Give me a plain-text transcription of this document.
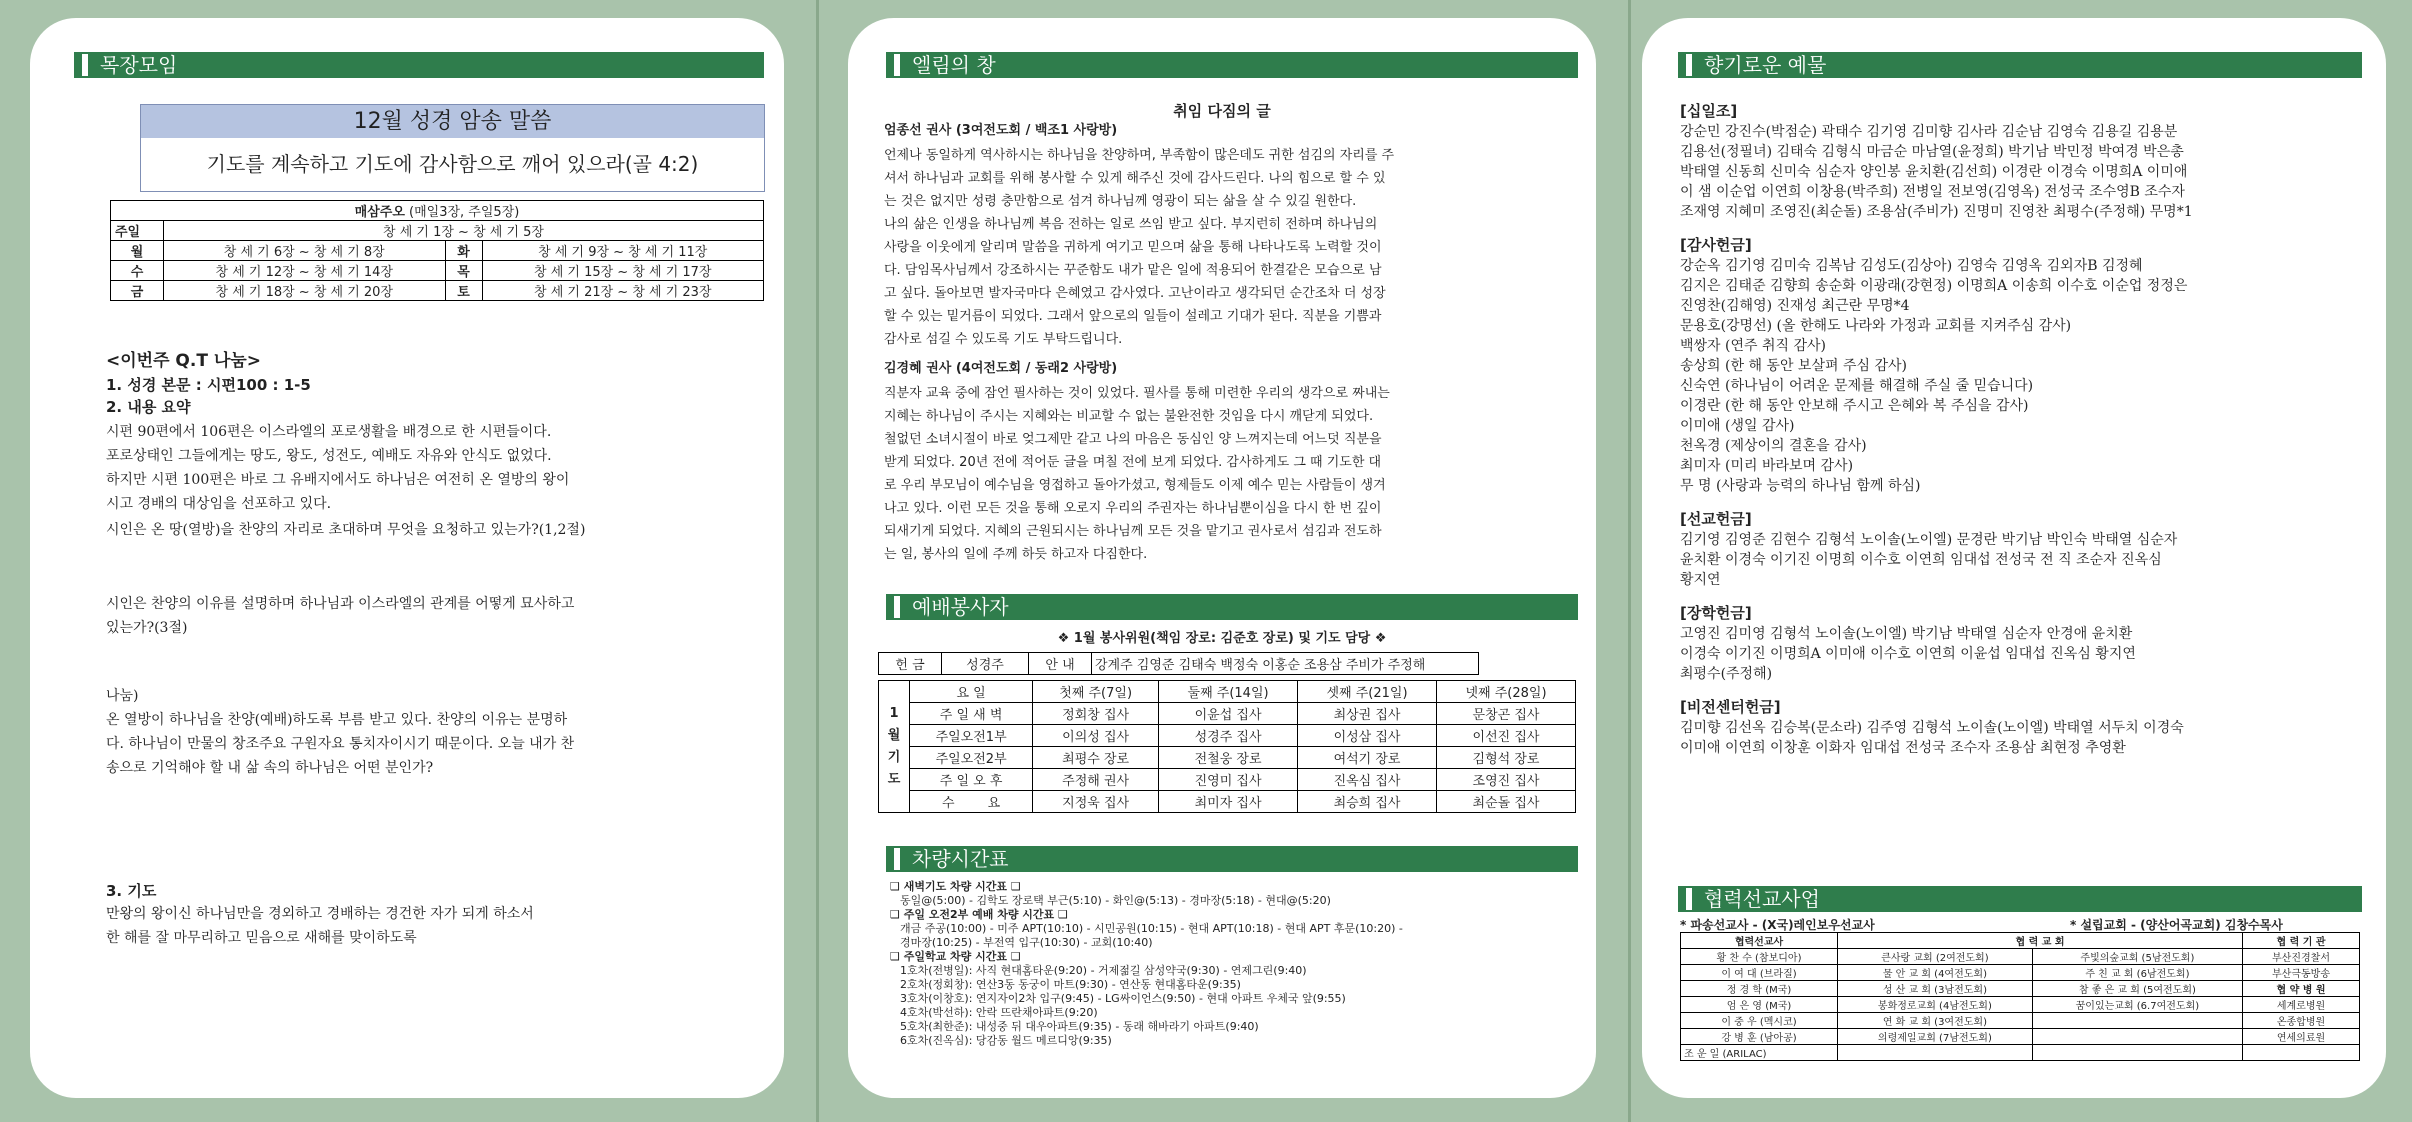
목장모임
12월 성경 암송 말씀
기도를 계속하고 기도에 감사함으로 깨어 있으라(골 4:2)
매삼주오 (매일3장, 주일5장)			
주일	창 세 기 1장 ~ 창 세 기 5장		
월	창 세 기 6장 ~ 창 세 기 8장	화	창 세 기 9장 ~ 창 세 기 11장
수	창 세 기 12장 ~ 창 세 기 14장	목	창 세 기 15장 ~ 창 세 기 17장
금	창 세 기 18장 ~ 창 세 기 20장	토	창 세 기 21장 ~ 창 세 기 23장
<이번주 Q.T 나눔>
1. 성경 본문 : 시편100 : 1-5
2. 내용 요약

시편 90편에서 106편은 이스라엘의 포로생활을 배경으로 한 시편들이다.

포로상태인 그들에게는 땅도, 왕도, 성전도, 예배도 자유와 안식도 없었다.

하지만 시편 100편은 바로 그 유배지에서도 하나님은 여전히 온 열방의 왕이

시고 경배의 대상임을 선포하고 있다.

시인은 온 땅(열방)을 찬양의 자리로 초대하며 무엇을 요청하고 있는가?(1,2절)

시인은 찬양의 이유를 설명하며 하나님과 이스라엘의 관계를 어떻게 묘사하고

있는가?(3절)

나눔)

온 열방이 하나님을 찬양(예배)하도록 부름 받고 있다. 찬양의 이유는 분명하

다. 하나님이 만물의 창조주요 구원자요 통치자이시기 때문이다. 오늘 내가 찬

송으로 기억해야 할 내 삶 속의 하나님은 어떤 분인가?

3. 기도

만왕의 왕이신 하나님만을 경외하고 경배하는 경건한 자가 되게 하소서

한 해를 잘 마무리하고 믿음으로 새해를 맞이하도록

엘림의 창
취임 다짐의 글
엄종선 권사 (3여전도회 / 백조1 사랑방)

언제나 동일하게 역사하시는 하나님을 찬양하며, 부족함이 많은데도 귀한 섬김의 자리를 주

셔서 하나님과 교회를 위해 봉사할 수 있게 해주신 것에 감사드린다. 나의 힘으로 할 수 있

는 것은 없지만 성령 충만함으로 섬겨 하나님께 영광이 되는 삶을 살 수 있길 원한다.

나의 삶은 인생을 하나님께 복음 전하는 일로 쓰임 받고 싶다. 부지런히 전하며 하나님의

사랑을 이웃에게 알리며 말씀을 귀하게 여기고 믿으며 삶을 통해 나타나도록 노력할 것이

다. 담임목사님께서 강조하시는 꾸준함도 내가 맡은 일에 적용되어 한결같은 모습으로 남

고 싶다. 돌아보면 발자국마다 은혜였고 감사였다. 고난이라고 생각되던 순간조차 더 성장

할 수 있는 밑거름이 되었다. 그래서 앞으로의 일들이 설레고 기대가 된다. 직분을 기쁨과

감사로 섬길 수 있도록 기도 부탁드립니다.

김경혜 권사 (4여전도회 / 동래2 사랑방)

직분자 교육 중에 잠언 필사하는 것이 있었다. 필사를 통해 미련한 우리의 생각으로 짜내는

지혜는 하나님이 주시는 지혜와는 비교할 수 없는 불완전한 것임을 다시 깨닫게 되었다.

철없던 소녀시절이 바로 엊그제만 같고 나의 마음은 동심인 양 느껴지는데 어느덧 직분을

받게 되었다. 20년 전에 적어둔 글을 며칠 전에 보게 되었다. 감사하게도 그 때 기도한 대

로 우리 부모님이 예수님을 영접하고 돌아가셨고, 형제들도 이제 예수 믿는 사람들이 생겨

나고 있다. 이런 모든 것을 통해 오로지 우리의 주권자는 하나님뿐이심을 다시 한 번 깊이

되새기게 되었다. 지혜의 근원되시는 하나님께 모든 것을 맡기고 권사로서 섬김과 전도하

는 일, 봉사의 일에 주께 하듯 하고자 다짐한다.

예배봉사자
❖ 1월 봉사위원(책임 장로: 김준호 장로) 및 기도 담당 ❖
헌 금	성경주	안 내	강계주 김영준 김태숙 백정숙 이홍순 조용삼 주비가 주정해
1
월
기
도	요 일	첫째 주(7일)	둘째 주(14일)	셋째 주(21일)	넷째 주(28일)
	주 일 새 벽	정회창 집사	이윤섭 집사	최상권 집사	문창곤 집사
	주일오전1부	이의성 집사	성경주 집사	이성삼 집사	이선진 집사
	주일오전2부	최평수 장로	전철웅 장로	여석기 장로	김형석 장로
	주 일 오 후	주정해 권사	진영미 집사	진옥심 집사	조영진 집사
	수        요	지정욱 집사	최미자 집사	최승희 집사	최순돌 집사
차량시간표

❑ 새벽기도 차량 시간표 ❑

동일@(5:00) - 김학도 장로택 부근(5:10) - 화인@(5:13) - 경마장(5:18) - 현대@(5:20)

❑ 주일 오전2부 예배 차량 시간표 ❑

개금 주공(10:00) - 미주 APT(10:10) - 시민공원(10:15) - 현대 APT(10:18) - 현대 APT 후문(10:20) -

경마장(10:25) - 부전역 입구(10:30) - 교회(10:40)

❑ 주일학교 차량 시간표 ❑

1호차(전병일): 사직 현대홈타운(9:20) - 거제젊길 삼성약국(9:30) - 연제그린(9:40)

2호차(정회창): 연산3동 동궁이 마트(9:30) - 연산동 현대홈타운(9:35)

3호차(이창호): 연지자이2차 입구(9:45) - LG싸이언스(9:50) - 현대 아파트 우체국 앞(9:55)

4호차(박선하): 안락 뜨란채아파트(9:20)

5호차(최한준): 내성중 뒤 대우아파트(9:35) - 동래 해바라기 아파트(9:40)

6호차(진옥심): 당감동 월드 메르디앙(9:35)

향기로운 예물
[십일조]
강순민 강진수(박점순) 곽태수 김기영 김미향 김사라 김순남 김영숙 김용길 김용분
김용선(정필녀) 김태숙 김형식 마금순 마남열(윤정희) 박기남 박민정 박여경 박은총
박태열 신동희 신미숙 심순자 양인봉 윤치환(김선희) 이경란 이경숙 이명희A 이미애
이 샘 이순업 이연희 이창용(박주희) 전병일 전보영(김영옥) 전성국 조수영B 조수자
조재영 지혜미 조영진(최순돌) 조용삼(주비가) 진명미 진영찬 최평수(주정해) 무명*1
[감사헌금]
강순옥 김기영 김미숙 김복남 김성도(김상아) 김영숙 김영옥 김외자B 김정혜
김지은 김태준 김향희 송순화 이광래(강현정) 이명희A 이송희 이수호 이순업 정정은
진영찬(김해영) 진재성 최근란 무명*4
문용호(강명선) (올 한해도 나라와 가정과 교회를 지켜주심 감사)
백쌍자 (연주 취직 감사)
송상희 (한 해 동안 보살펴 주심 감사)
신숙연 (하나님이 어려운 문제를 해결해 주실 줄 믿습니다)
이경란 (한 해 동안 안보해 주시고 은혜와 복 주심을 감사)
이미애 (생일 감사)
천옥경 (제상이의 결혼을 감사)
최미자 (미리 바라보며 감사)
무 명 (사랑과 능력의 하나님 함께 하심)
[선교헌금]
김기영 김영준 김현수 김형석 노이솔(노이엘) 문경란 박기남 박인숙 박태열 심순자
윤치환 이경숙 이기진 이명희 이수호 이연희 임대섭 전성국 전 직 조순자 진옥심
황지연
[장학헌금]
고영진 김미영 김형석 노이솔(노이엘) 박기남 박태열 심순자 안경애 윤치환
이경숙 이기진 이명희A 이미애 이수호 이연희 이윤섭 임대섭 진옥심 황지연
최평수(주정해)
[비전센터헌금]
김미향 김선옥 김승복(문소라) 김주영 김형석 노이솔(노이엘) 박태열 서두치 이경숙
이미애 이연희 이창훈 이화자 임대섭 전성국 조수자 조용삼 최현정 추영환
협력선교사업
* 파송선교사 - (X국)레인보우선교사	* 설립교회 - (양산어곡교회) 김창수목사
협력선교사	협 력 교 회		협 력 기 관
황 찬 수 (참보디아)	큰사랑 교회 (2여전도회)	주빛의숲교회 (5남전도회)	부산진경찰서
이 여 대 (브라질)	물 안 교 회 (4여전도회)	주 친 교 회 (6남전도회)	부산극동방송
정 경 학 (M국)	성 산 교 회 (3남전도회)	참 좋 은 교 회 (5여전도회)	협 약 병 원
엄 은 영 (M국)	봉화정로교회 (4남전도회)	꿈이있는교회 (6.7여전도회)	세계로병원
이 중 우 (멕시코)	연 화 교 회 (3여전도회)		온종합병원
강 병 훈 (남아공)	의령제일교회 (7남전도회)		연세의료원
조 운 일 (ARILAC)			
